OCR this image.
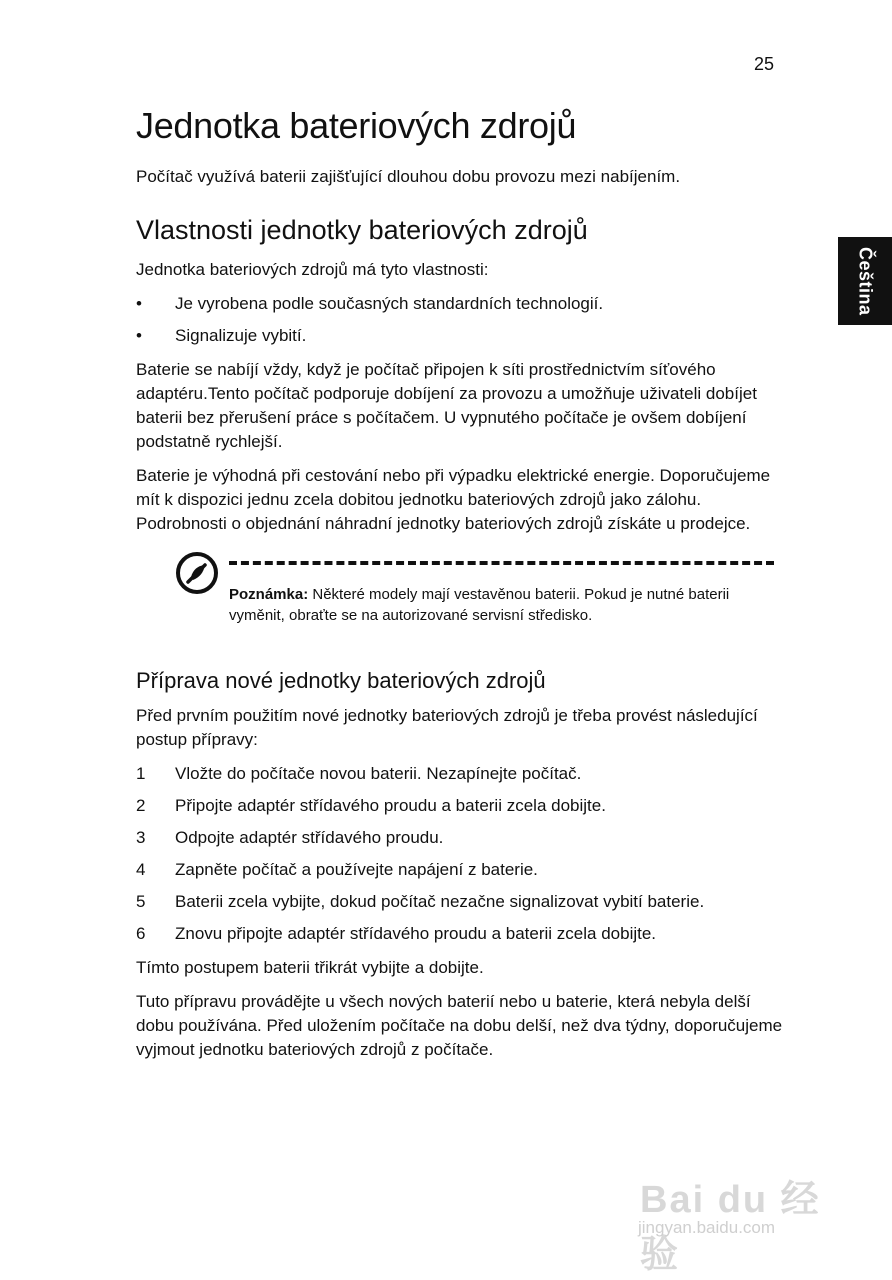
25
Čeština
Jednotka bateriových zdrojů

Počítač využívá baterii zajišťující dlouhou dobu provozu mezi nabíjením.

Vlastnosti jednotky bateriových zdrojů

Jednotka bateriových zdrojů má tyto vlastnosti:

• Je vyrobena podle současných standardních technologií.
• Signalizuje vybití.

Baterie se nabíjí vždy, když je počítač připojen k síti prostřednictvím síťového adaptéru.Tento počítač podporuje dobíjení za provozu a umožňuje uživateli dobíjet baterii bez přerušení práce s počítačem. U vypnutého počítače je ovšem dobíjení podstatně rychlejší.

Baterie je výhodná při cestování nebo při výpadku elektrické energie. Doporučujeme mít k dispozici jednu zcela dobitou jednotku bateriových zdrojů jako zálohu. Podrobnosti o objednání náhradní jednotky bateriových zdrojů získáte u prodejce.

Poznámka: Některé modely mají vestavěnou baterii. Pokud je nutné baterii vyměnit, obraťte se na autorizované servisní středisko.

Příprava nové jednotky bateriových zdrojů

Před prvním použitím nové jednotky bateriových zdrojů je třeba provést následující postup přípravy:

1 Vložte do počítače novou baterii. Nezapínejte počítač.
2 Připojte adaptér střídavého proudu a baterii zcela dobijte.
3 Odpojte adaptér střídavého proudu.
4 Zapněte počítač a používejte napájení z baterie.
5 Baterii zcela vybijte, dokud počítač nezačne signalizovat vybití baterie.
6 Znovu připojte adaptér střídavého proudu a baterii zcela dobijte.

Tímto postupem baterii třikrát vybijte a dobijte.

Tuto přípravu provádějte u všech nových baterií nebo u baterie, která nebyla delší dobu používána. Před uložením počítače na dobu delší, než dva týdny, doporučujeme vyjmout jednotku bateriových zdrojů z počítače.

Bai du 经验
jingyan.baidu.com
